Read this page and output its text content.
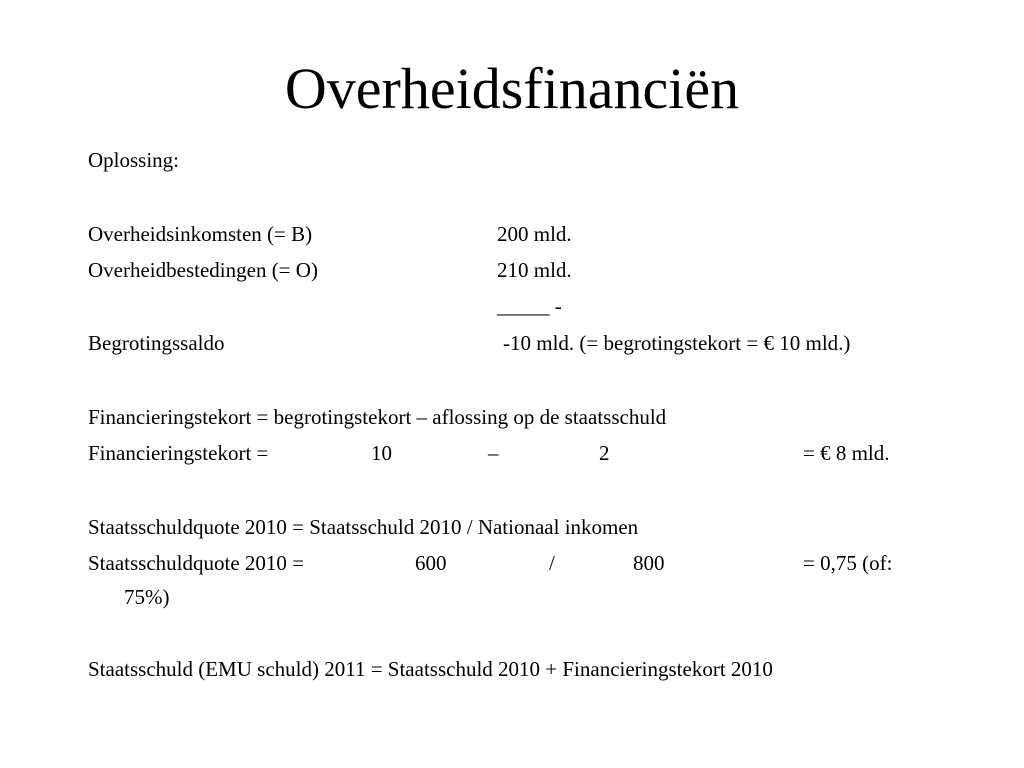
Overheidsfinanciën
Oplossing:
Overheidsinkomsten (= B)	200 mld.
Overheidbestedingen (= O)	210 mld.
_____ -
Begrotingssaldo	-10 mld. (= begrotingstekort = € 10 mld.)
Financieringstekort = begrotingstekort – aflossing op de staatsschuld
Financieringstekort =	10	–	2	= € 8 mld.
Staatsschuldquote 2010 = Staatsschuld 2010 / Nationaal inkomen
Staatsschuldquote 2010 =	600	/	800	= 0,75 (of:
75%)
Staatsschuld (EMU schuld) 2011 = Staatsschuld 2010 + Financieringstekort 2010
